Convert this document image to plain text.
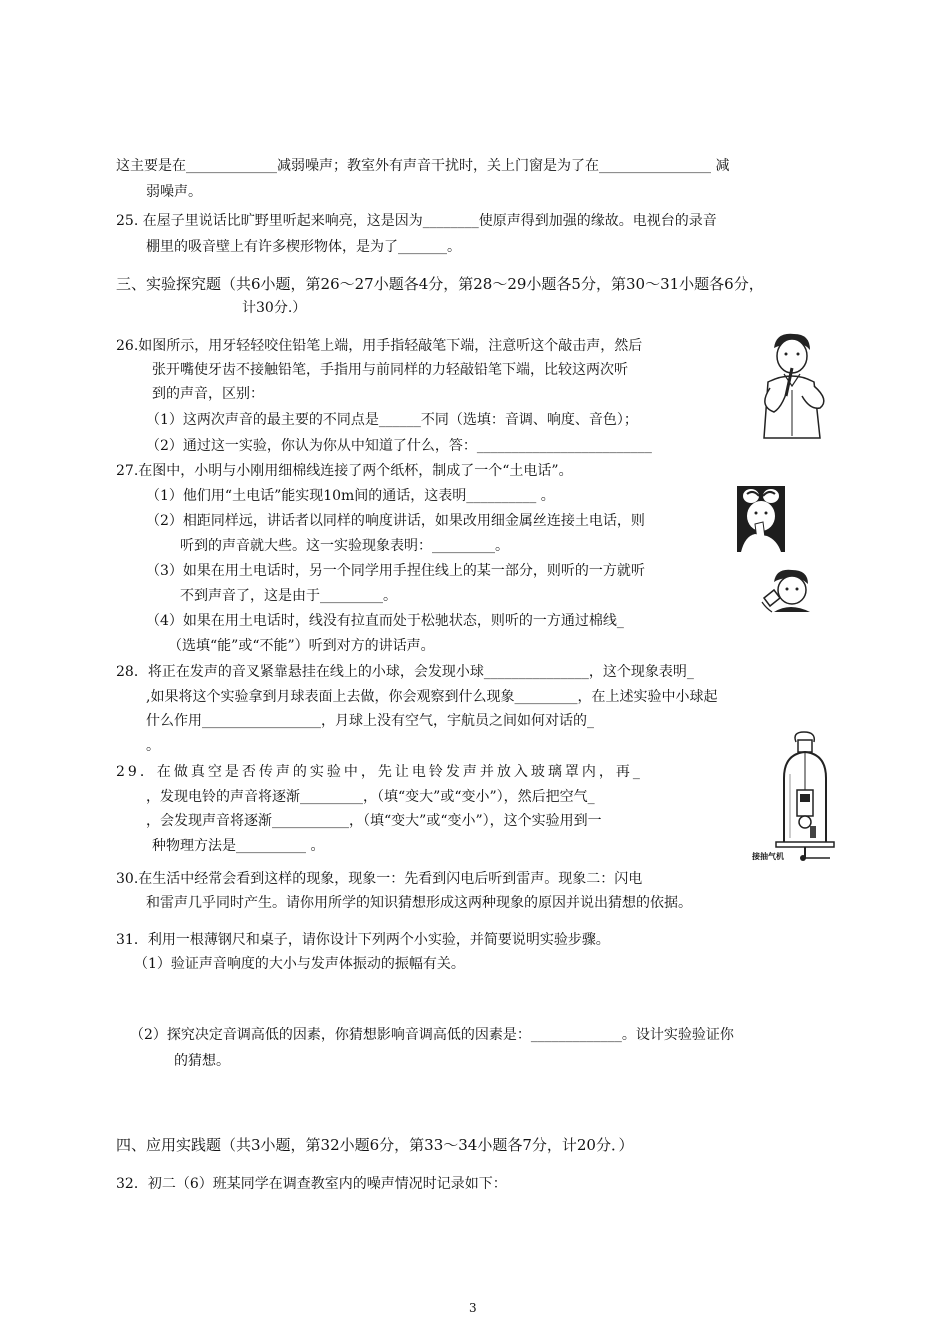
这主要是在_____________减弱噪声；教室外有声音干扰时，关上门窗是为了在________________ 减
弱噪声。
25. 在屋子里说话比旷野里听起来响亮，这是因为________使原声得到加强的缘故。电视台的录音
棚里的吸音壁上有许多楔形物体，是为了_______。
三、实验探究题（共6小题，第26～27小题各4分，第28～29小题各5分，第30～31小题各6分，
计30分.）
26.如图所示，用牙轻轻咬住铅笔上端，用手指轻敲笔下端，注意听这个敲击声，然后
张开嘴使牙齿不接触铅笔，手指用与前同样的力轻敲铅笔下端，比较这两次听
到的声音，区别：
（1）这两次声音的最主要的不同点是______不同（选填：音调、响度、音色）；
（2）通过这一实验，你认为你从中知道了什么，答：_________________________
27.在图中，小明与小刚用细棉线连接了两个纸杯，制成了一个“土电话”。
（1）他们用“土电话”能实现10m间的通话，这表明__________ 。
（2）相距同样远，讲话者以同样的响度讲话，如果改用细金属丝连接土电话，则
听到的声音就大些。这一实验现象表明：_________。
（3）如果在用土电话时，另一个同学用手捏住线上的某一部分，则听的一方就听
不到声音了，这是由于_________。
（4）如果在用土电话时，线没有拉直而处于松驰状态，则听的一方通过棉线_
（选填“能”或“不能”）听到对方的讲话声。
28．将正在发声的音叉紧靠悬挂在线上的小球，会发现小球_______________，这个现象表明_
,如果将这个实验拿到月球表面上去做，你会观察到什么现象_________，在上述实验中小球起
什么作用_________________，月球上没有空气，宇航员之间如何对话的_
。
29．在做真空是否传声的实验中，先让电铃发声并放入玻璃罩内，再_
，发现电铃的声音将逐渐_________，（填“变大”或“变小”），然后把空气_
，会发现声音将逐渐___________，（填“变大”或“变小”），这个实验用到一
种物理方法是__________ 。
30.在生活中经常会看到这样的现象，现象一：先看到闪电后听到雷声。现象二：闪电
和雷声几乎同时产生。请你用所学的知识猜想形成这两种现象的原因并说出猜想的依据。
31．利用一根薄钢尺和桌子，请你设计下列两个小实验，并简要说明实验步骤。
（1）验证声音响度的大小与发声体振动的振幅有关。
（2）探究决定音调高低的因素，你猜想影响音调高低的因素是：_____________。设计实验验证你
的猜想。
四、应用实践题（共3小题，第32小题6分，第33～34小题各7分，计20分．）
32．初二（6）班某同学在调查教室内的噪声情况时记录如下：
接抽气机
3
